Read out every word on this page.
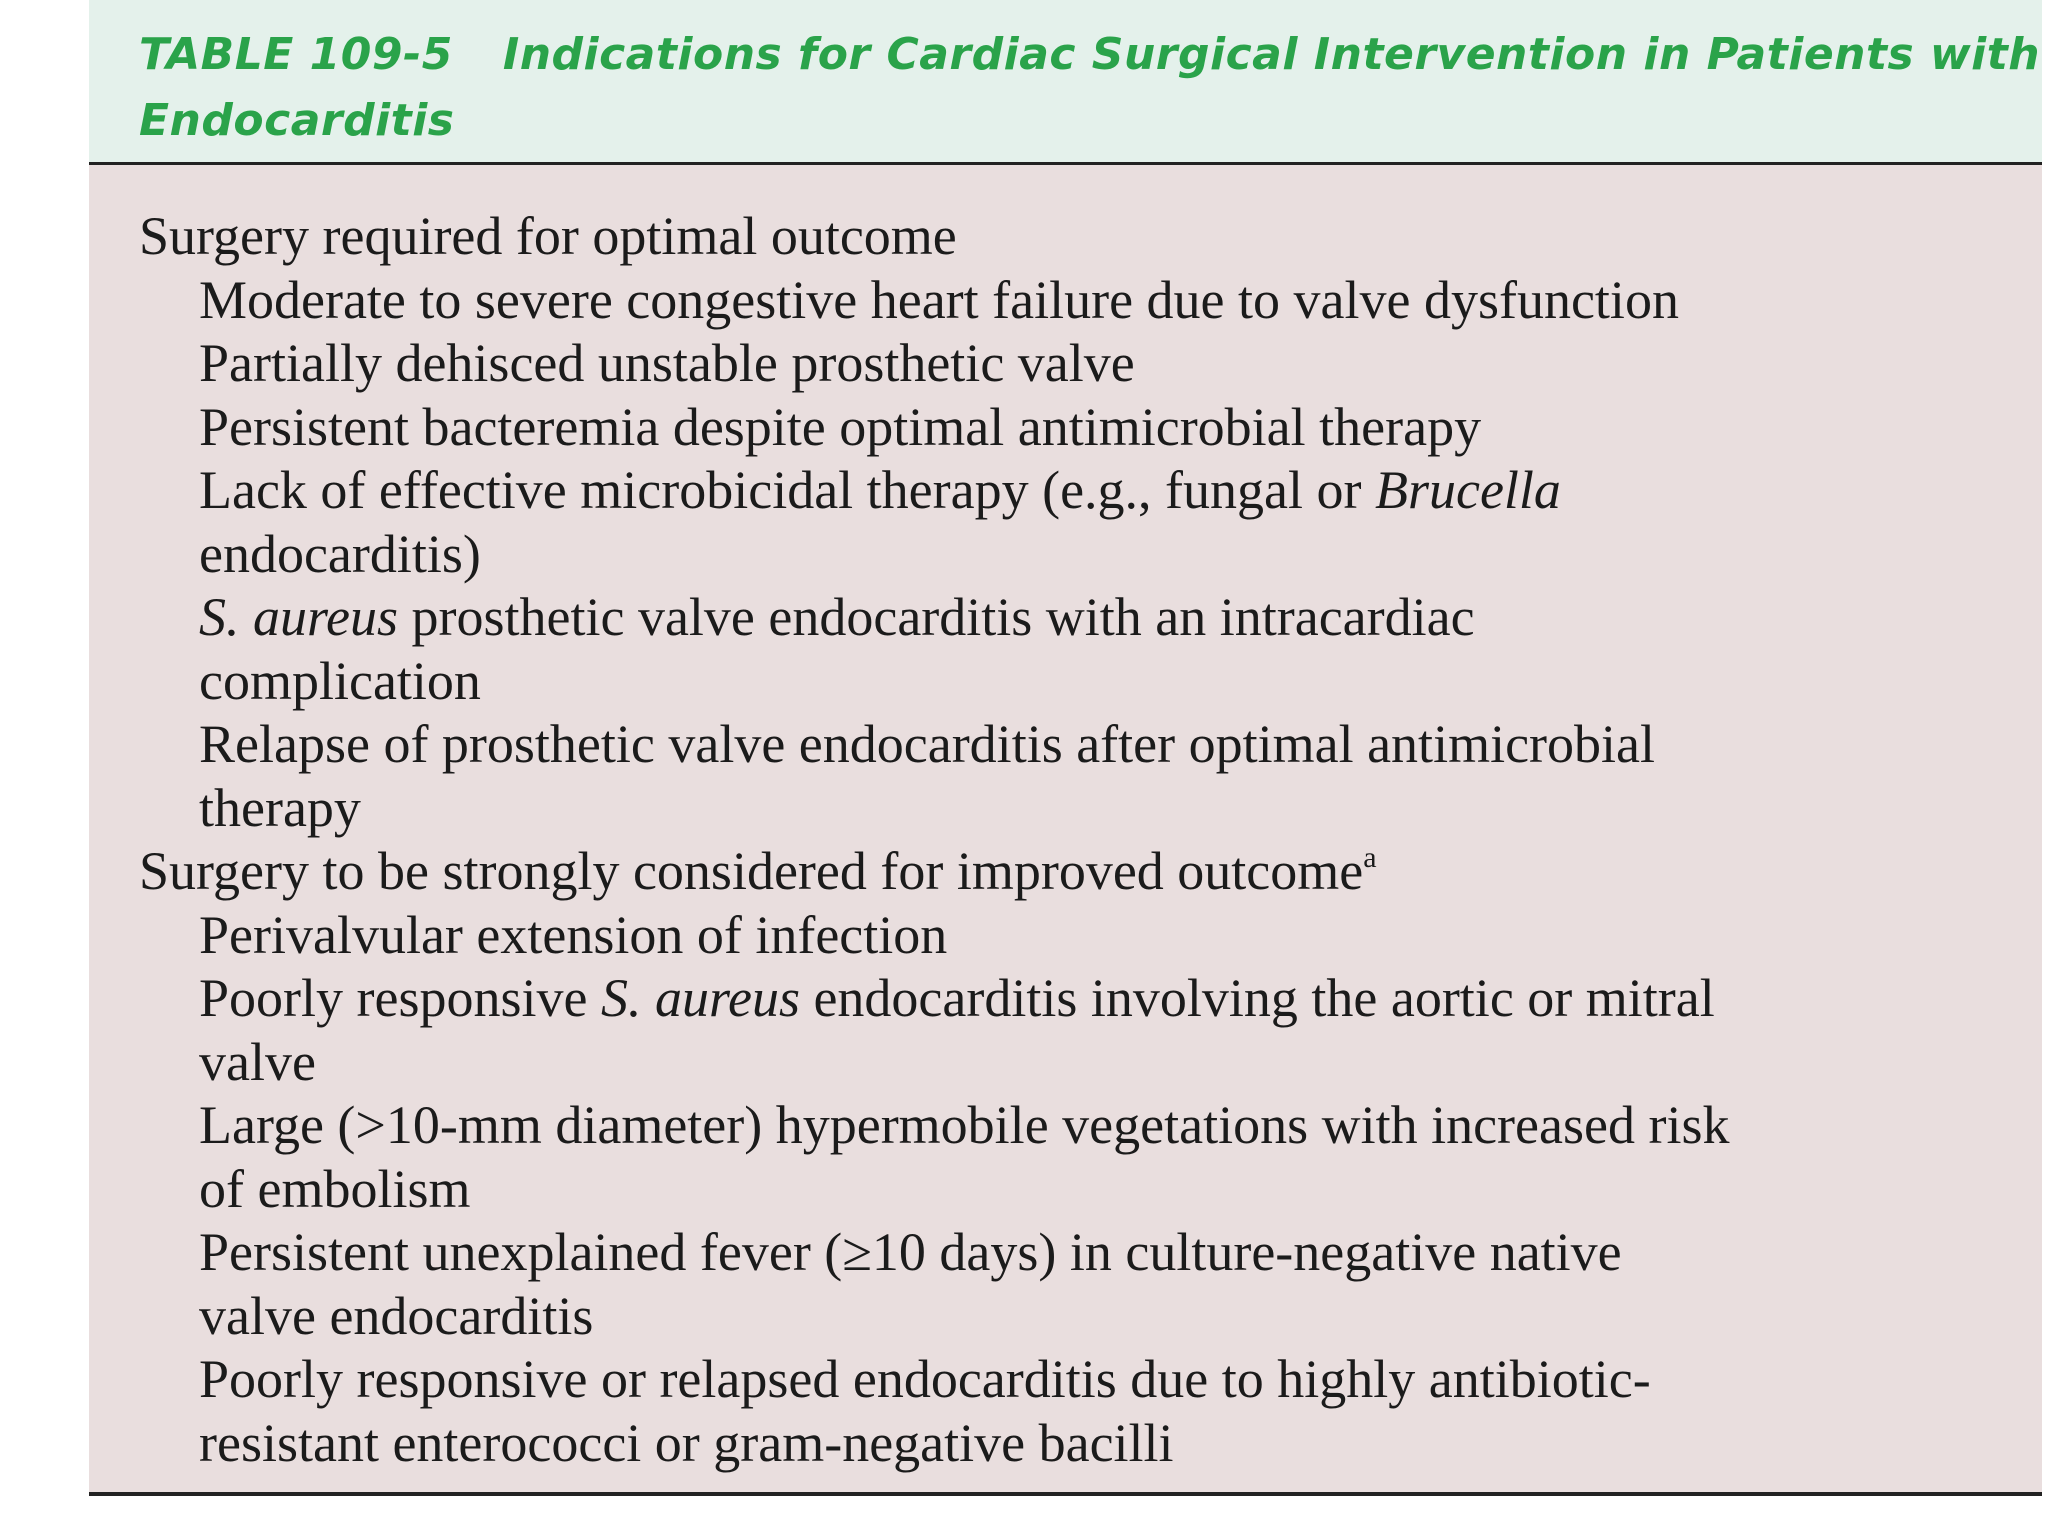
TABLE 109-5 Indications for Cardiac Surgical Intervention in Patients with Endocarditis
Surgery required for optimal outcome
Moderate to severe congestive heart failure due to valve dysfunction
Partially dehisced unstable prosthetic valve
Persistent bacteremia despite optimal antimicrobial therapy
Lack of effective microbicidal therapy (e.g., fungal or Brucella
endocarditis)
S. aureus prosthetic valve endocarditis with an intracardiac
complication
Relapse of prosthetic valve endocarditis after optimal antimicrobial
therapy
Surgery to be strongly considered for improved outcome$^a$
Perivalvular extension of infection
Poorly responsive S. aureus endocarditis involving the aortic or mitral
valve
Large (>10-mm diameter) hypermobile vegetations with increased risk
of embolism
Persistent unexplained fever (≥10 days) in culture-negative native
valve endocarditis
Poorly responsive or relapsed endocarditis due to highly antibiotic-
resistant enterococci or gram-negative bacilli
